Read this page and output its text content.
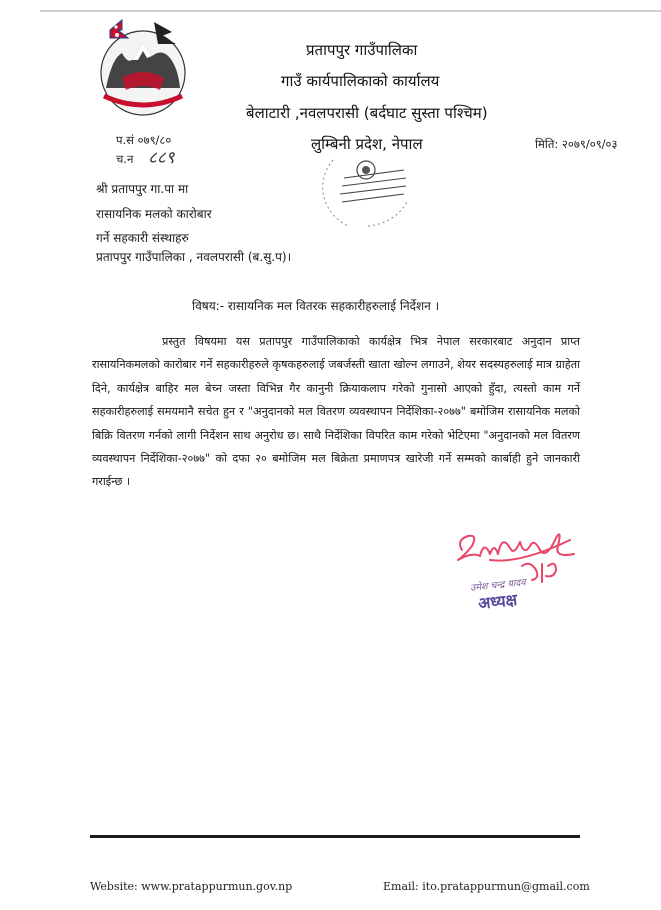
प्रतापपुर गाउँपालिका
गाउँ कार्यपालिकाको कार्यालय
बेलाटारी ,नवलपरासी (बर्दघाट सुस्ता पश्चिम)
लुम्बिनी प्रदेश, नेपाल
प.सं ०७९/८०
च.न ८८९
मिति: २०७९/०९/०३
श्री प्रतापपुर गा.पा मा
रासायनिक मलको कारोबार
गर्ने सहकारी संस्थाहरु
प्रतापपुर गाउँपालिका , नवलपरासी (ब.सु.प)।
विषय:- रासायनिक मल वितरक सहकारीहरुलाई निर्देशन ।
प्रस्तुत विषयमा यस प्रतापपुर गाउँपालिकाको कार्यक्षेत्र भित्र नेपाल सरकारबाट अनुदान प्राप्त रासायनिकमलको कारोबार गर्ने सहकारीहरुले कृषकहरुलाई जबर्जस्ती खाता खोल्न लगाउने, शेयर सदस्यहरुलाई मात्र ग्राहेता दिने, कार्यक्षेत्र बाहिर मल बेच्न जस्ता विभिन्न गैर कानुनी क्रियाकलाप गरेको गुनासो आएको हुँदा, त्यस्तो काम गर्ने सहकारीहरुलाई समयमानै सचेत हुन र "अनुदानको मल वितरण व्यवस्थापन निर्देशिका-२०७७" बमोजिम रासायनिक मलको बिक्रि वितरण गर्नको लागी निर्देशन साथ अनुरोध छ। साथै निर्देशिका विपरित काम गरेको भेटिएमा "अनुदानको मल वितरण व्यवस्थापन निर्देशिका-२०७७" को दफा २० बमोजिम मल बिक्रेता प्रमाणपत्र खारेजी गर्ने सम्मको कार्बाही हुने जानकारी गराईन्छ ।
उमेश चन्द्र यादव
अध्यक्ष
Website: www.pratappurmun.gov.np	Email: ito.pratappurmun@gmail.com
